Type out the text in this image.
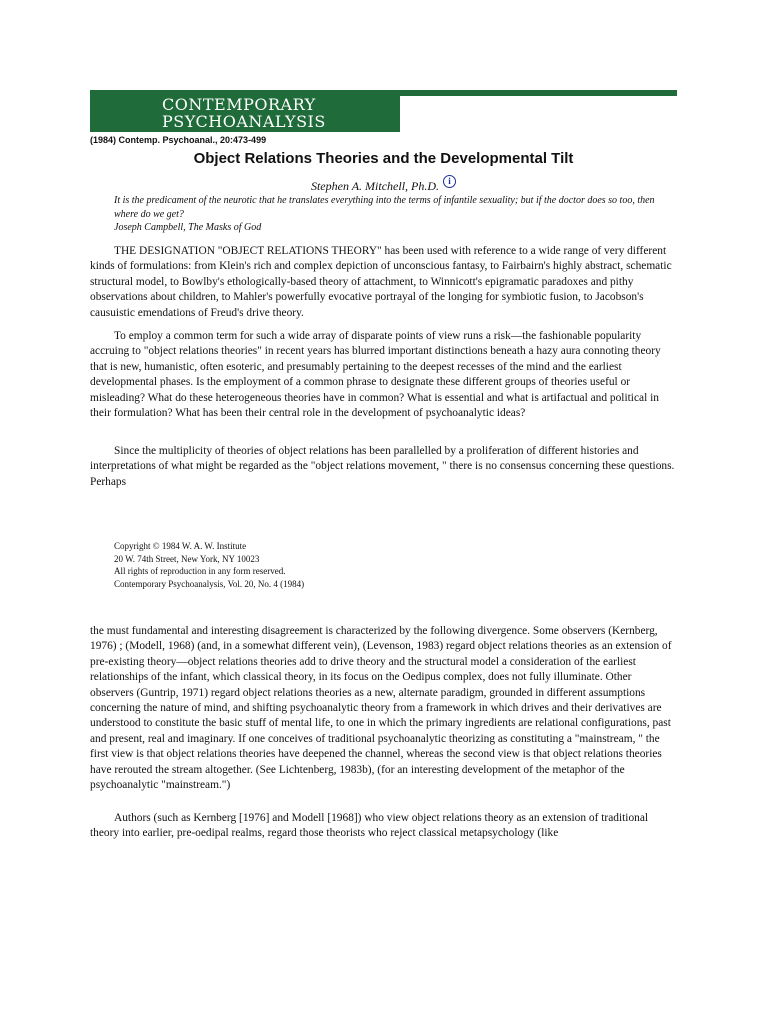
CONTEMPORARY
PSYCHOANALYSIS
(1984) Contemp. Psychoanal., 20:473-499
Object Relations Theories and the Developmental Tilt
Stephen A. Mitchell, Ph.D. i
It is the predicament of the neurotic that he translates everything into the terms of infantile sexuality; but if the doctor does so too, then where do we get?
Joseph Campbell, The Masks of God
THE DESIGNATION "OBJECT RELATIONS THEORY" has been used with reference to a wide range of very different kinds of formulations: from Klein's rich and complex depiction of unconscious fantasy, to Fairbairn's highly abstract, schematic structural model, to Bowlby's ethologically-based theory of attachment, to Winnicott's epigramatic paradoxes and pithy observations about children, to Mahler's powerfully evocative portrayal of the longing for symbiotic fusion, to Jacobson's causuistic emendations of Freud's drive theory.
To employ a common term for such a wide array of disparate points of view runs a risk—the fashionable popularity accruing to "object relations theories" in recent years has blurred important distinctions beneath a hazy aura connoting theory that is new, humanistic, often esoteric, and presumably pertaining to the deepest recesses of the mind and the earliest developmental phases. Is the employment of a common phrase to designate these different groups of theories useful or misleading? What do these heterogeneous theories have in common? What is essential and what is artifactual and political in their formulation? What has been their central role in the development of psychoanalytic ideas?
Since the multiplicity of theories of object relations has been parallelled by a proliferation of different histories and interpretations of what might be regarded as the "object relations movement, " there is no consensus concerning these questions. Perhaps
Copyright © 1984 W. A. W. Institute
20 W. 74th Street, New York, NY 10023
All rights of reproduction in any form reserved.
Contemporary Psychoanalysis, Vol. 20, No. 4 (1984)
the must fundamental and interesting disagreement is characterized by the following divergence. Some observers (Kernberg, 1976) ; (Modell, 1968) (and, in a somewhat different vein), (Levenson, 1983) regard object relations theories as an extension of pre-existing theory—object relations theories add to drive theory and the structural model a consideration of the earliest relationships of the infant, which classical theory, in its focus on the Oedipus complex, does not fully illuminate. Other observers (Guntrip, 1971) regard object relations theories as a new, alternate paradigm, grounded in different assumptions concerning the nature of mind, and shifting psychoanalytic theory from a framework in which drives and their derivatives are understood to constitute the basic stuff of mental life, to one in which the primary ingredients are relational configurations, past and present, real and imaginary. If one conceives of traditional psychoanalytic theorizing as constituting a "mainstream, " the first view is that object relations theories have deepened the channel, whereas the second view is that object relations theories have rerouted the stream altogether. (See Lichtenberg, 1983b), (for an interesting development of the metaphor of the psychoanalytic "mainstream.")
Authors (such as Kernberg [1976] and Modell [1968]) who view object relations theory as an extension of traditional theory into earlier, pre-oedipal realms, regard those theorists who reject classical metapsychology (like
